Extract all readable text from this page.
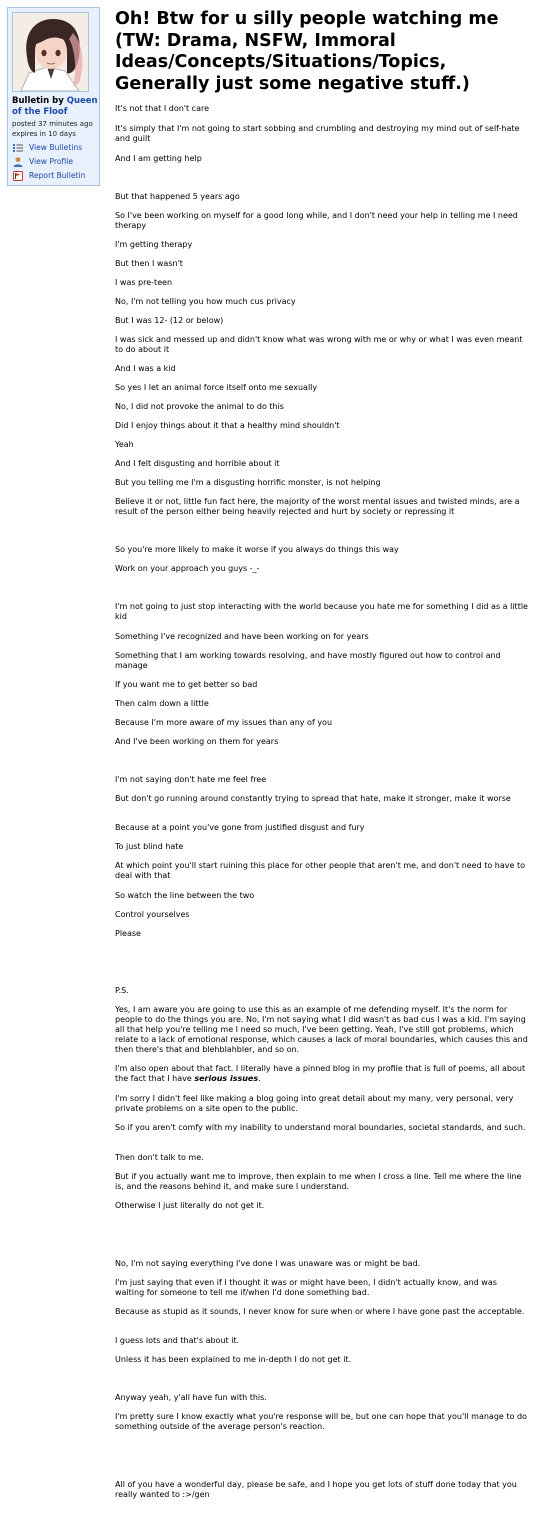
Bulletin by Queen of the Floof
posted 37 minutes ago
expires in 10 days
View Bulletins
View Profile
Report Bulletin
Oh! Btw for u silly people watching me (TW: Drama, NSFW, Immoral Ideas/Concepts/Situations/Topics, Generally just some negative stuff.)

It's not that I don't care

It's simply that I'm not going to start sobbing and crumbling and destroying my mind out of self-hate and guilt

And I am getting help

But that happened 5 years ago

So I've been working on myself for a good long while, and I don't need your help in telling me I need therapy

I'm getting therapy

But then I wasn't

I was pre-teen

No, I'm not telling you how much cus privacy

But I was 12- (12 or below)

I was sick and messed up and didn't know what was wrong with me or why or what I was even meant to do about it

And I was a kid

So yes I let an animal force itself onto me sexually

No, I did not provoke the animal to do this

Did I enjoy things about it that a healthy mind shouldn't

Yeah

And I felt disgusting and horrible about it

But you telling me I'm a disgusting horrific monster, is not helping

Believe it or not, little fun fact here, the majority of the worst mental issues and twisted minds, are a result of the person either being heavily rejected and hurt by society or repressing it

So you're more likely to make it worse if you always do things this way

Work on your approach you guys -_-

I'm not going to just stop interacting with the world because you hate me for something I did as a little kid

Something I've recognized and have been working on for years

Something that I am working towards resolving, and have mostly figured out how to control and manage

If you want me to get better so bad

Then calm down a little

Because I'm more aware of my issues than any of you

And I've been working on them for years

I'm not saying don't hate me feel free

But don't go running around constantly trying to spread that hate, make it stronger, make it worse

Because at a point you've gone from justified disgust and fury

To just blind hate

At which point you'll start ruining this place for other people that aren't me, and don't need to have to deal with that

So watch the line between the two

Control yourselves

Please

P.S.

Yes, I am aware you are going to use this as an example of me defending myself. It's the norm for people to do the things you are. No, I'm not saying what I did wasn't as bad cus I was a kid. I'm saying all that help you're telling me I need so much, I've been getting. Yeah, I've still got problems, which relate to a lack of emotional response, which causes a lack of moral boundaries, which causes this and then there's that and blehblahbler, and so on.

I'm also open about that fact. I literally have a pinned blog in my profile that is full of poems, all about the fact that I have serious issues.

I'm sorry I didn't feel like making a blog going into great detail about my many, very personal, very private problems on a site open to the public.

So if you aren't comfy with my inability to understand moral boundaries, societal standards, and such.

Then don't talk to me.

But if you actually want me to improve, then explain to me when I cross a line. Tell me where the line is, and the reasons behind it, and make sure I understand.

Otherwise I just literally do not get it.

No, I'm not saying everything I've done I was unaware was or might be bad.

I'm just saying that even if I thought it was or might have been, I didn't actually know, and was waiting for someone to tell me if/when I'd done something bad.

Because as stupid as it sounds, I never know for sure when or where I have gone past the acceptable.

I guess lots and that's about it.

Unless it has been explained to me in-depth I do not get it.

Anyway yeah, y'all have fun with this.

I'm pretty sure I know exactly what you're response will be, but one can hope that you'll manage to do something outside of the average person's reaction.

All of you have a wonderful day, please be safe, and I hope you get lots of stuff done today that you really wanted to :>/gen
